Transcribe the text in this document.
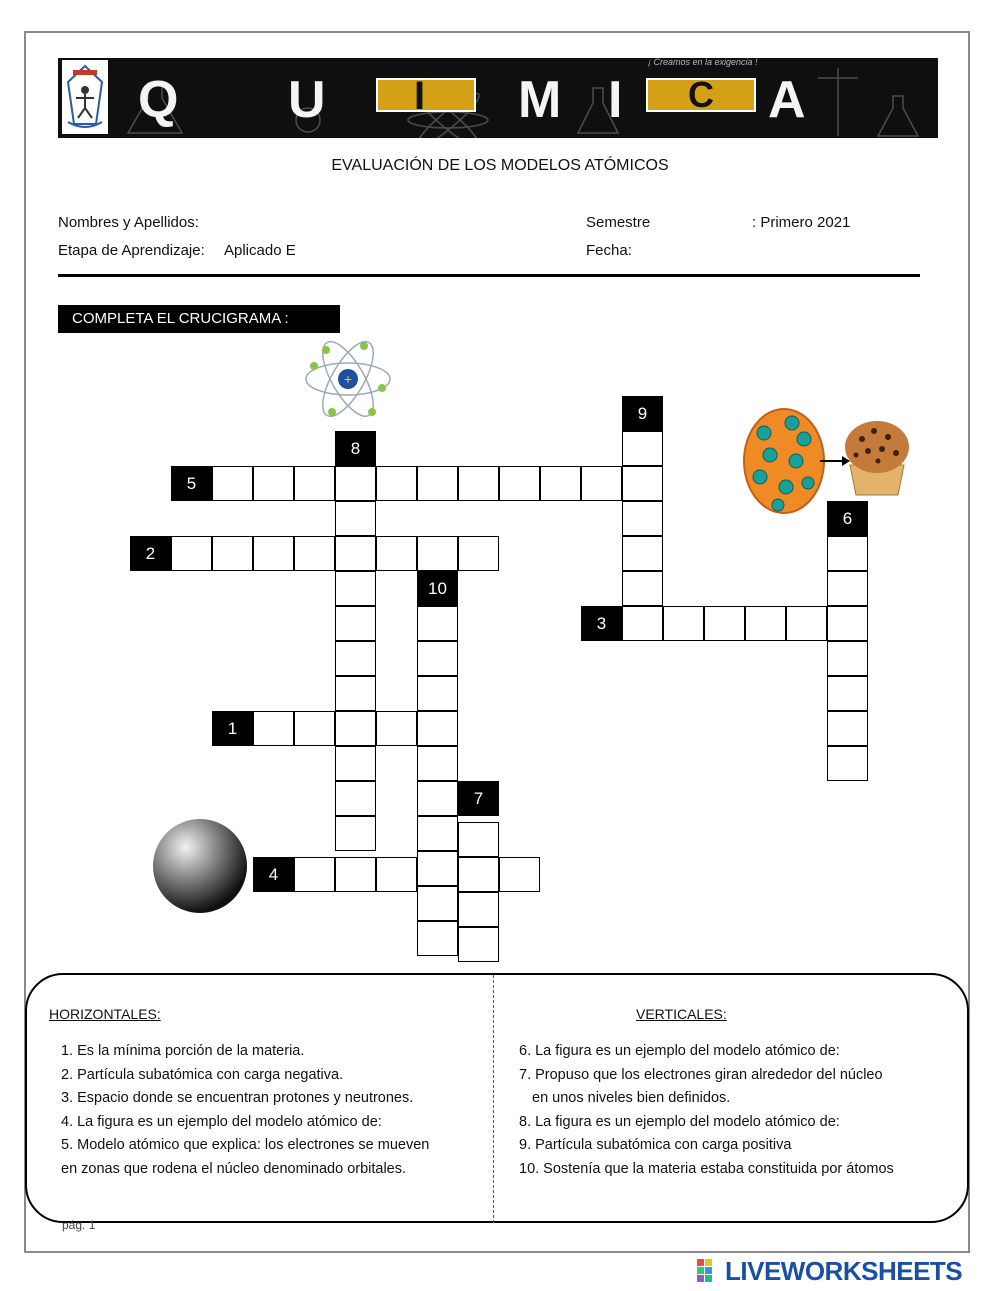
¡ Creamos en la exigencia !
Q U I M I C A
EVALUACIÓN DE LOS MODELOS ATÓMICOS
Nombres y Apellidos:
Etapa de Aprendizaje: Aplicado E
Semestre	: Primero 2021
Fecha:
COMPLETA EL CRUCIGRAMA :
+
5
2
3
1
4
8
10
9
6
7
HORIZONTALES:	VERTICALES:
1. Es la mínima porción de la materia.
2. Partícula subatómica con carga negativa.
3. Espacio donde se encuentran protones y neutrones.
4. La figura es un ejemplo del modelo atómico de:
5. Modelo atómico que explica: los electrones se mueven
en zonas que rodena el núcleo denominado orbitales.
6. La figura es un ejemplo del modelo atómico de:
7. Propuso que los electrones giran alrededor del núcleo
en unos niveles bien definidos.
8. La figura es un ejemplo del modelo atómico de:
9. Partícula subatómica con carga positiva
10. Sostenía que la materia estaba constituida por átomos
pág. 1
LIVEWORKSHEETS
